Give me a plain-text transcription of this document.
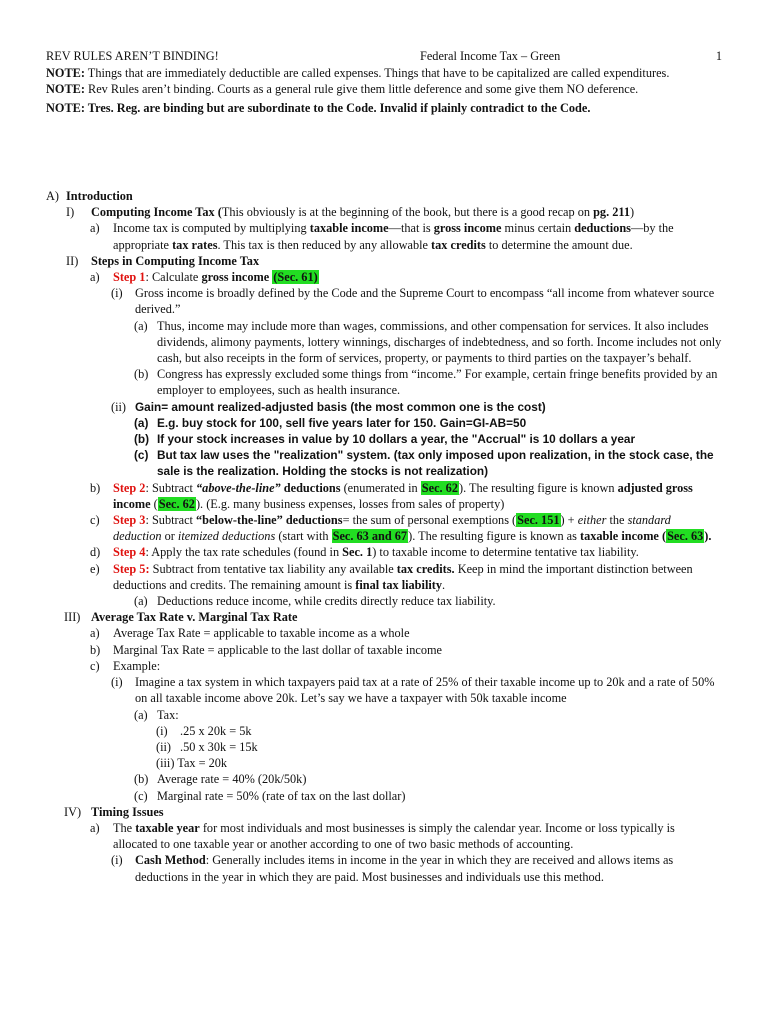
REV RULES AREN’T BINDING!	Federal Income Tax – Green	1

NOTE: Things that are immediately deductible are called expenses. Things that have to be capitalized are called expenditures.

NOTE: Rev Rules aren’t binding. Courts as a general rule give them little deference and some give them NO deference.

NOTE: Tres. Reg. are binding but are subordinate to the Code. Invalid if plainly contradict to the Code.

A) Introduction
I) Computing Income Tax (This obviously is at the beginning of the book, but there is a good recap on pg. 211)
a) Income tax is computed by multiplying taxable income—that is gross income minus certain deductions—by the appropriate tax rates. This tax is then reduced by any allowable tax credits to determine the amount due.
II) Steps in Computing Income Tax
a) Step 1: Calculate gross income (Sec. 61)
(i) Gross income is broadly defined by the Code and the Supreme Court to encompass “all income from whatever source derived.”
(a) Thus, income may include more than wages, commissions, and other compensation for services. It also includes dividends, alimony payments, lottery winnings, discharges of indebtedness, and so forth. Income includes not only cash, but also receipts in the form of services, property, or payments to third parties on the taxpayer’s behalf.
(b) Congress has expressly excluded some things from “income.” For example, certain fringe benefits provided by an employer to employees, such as health insurance.
(ii) Gain= amount realized-adjusted basis (the most common one is the cost)
(a) E.g. buy stock for 100, sell five years later for 150. Gain=GI-AB=50
(b) If your stock increases in value by 10 dollars a year, the "Accrual" is 10 dollars a year
(c) But tax law uses the "realization" system. (tax only imposed upon realization, in the stock case, the sale is the realization. Holding the stocks is not realization)
b) Step 2: Subtract “above-the-line” deductions (enumerated in Sec. 62). The resulting figure is known adjusted gross income (Sec. 62). (E.g. many business expenses, losses from sales of property)
c) Step 3: Subtract “below-the-line” deductions= the sum of personal exemptions (Sec. 151) + either the standard deduction or itemized deductions (start with Sec. 63 and 67). The resulting figure is known as taxable income (Sec. 63).
d) Step 4: Apply the tax rate schedules (found in Sec. 1) to taxable income to determine tentative tax liability.
e) Step 5: Subtract from tentative tax liability any available tax credits. Keep in mind the important distinction between deductions and credits. The remaining amount is final tax liability.
(a) Deductions reduce income, while credits directly reduce tax liability.
III) Average Tax Rate v. Marginal Tax Rate
a) Average Tax Rate = applicable to taxable income as a whole
b) Marginal Tax Rate = applicable to the last dollar of taxable income
c) Example:
(i) Imagine a tax system in which taxpayers paid tax at a rate of 25% of their taxable income up to 20k and a rate of 50% on all taxable income above 20k. Let’s say we have a taxpayer with 50k taxable income
(a) Tax:
(i) .25 x 20k = 5k
(ii) .50 x 30k = 15k
(iii) Tax = 20k
(b) Average rate = 40% (20k/50k)
(c) Marginal rate = 50% (rate of tax on the last dollar)
IV) Timing Issues
a) The taxable year for most individuals and most businesses is simply the calendar year. Income or loss typically is allocated to one taxable year or another according to one of two basic methods of accounting.
(i) Cash Method: Generally includes items in income in the year in which they are received and allows items as deductions in the year in which they are paid. Most businesses and individuals use this method.
